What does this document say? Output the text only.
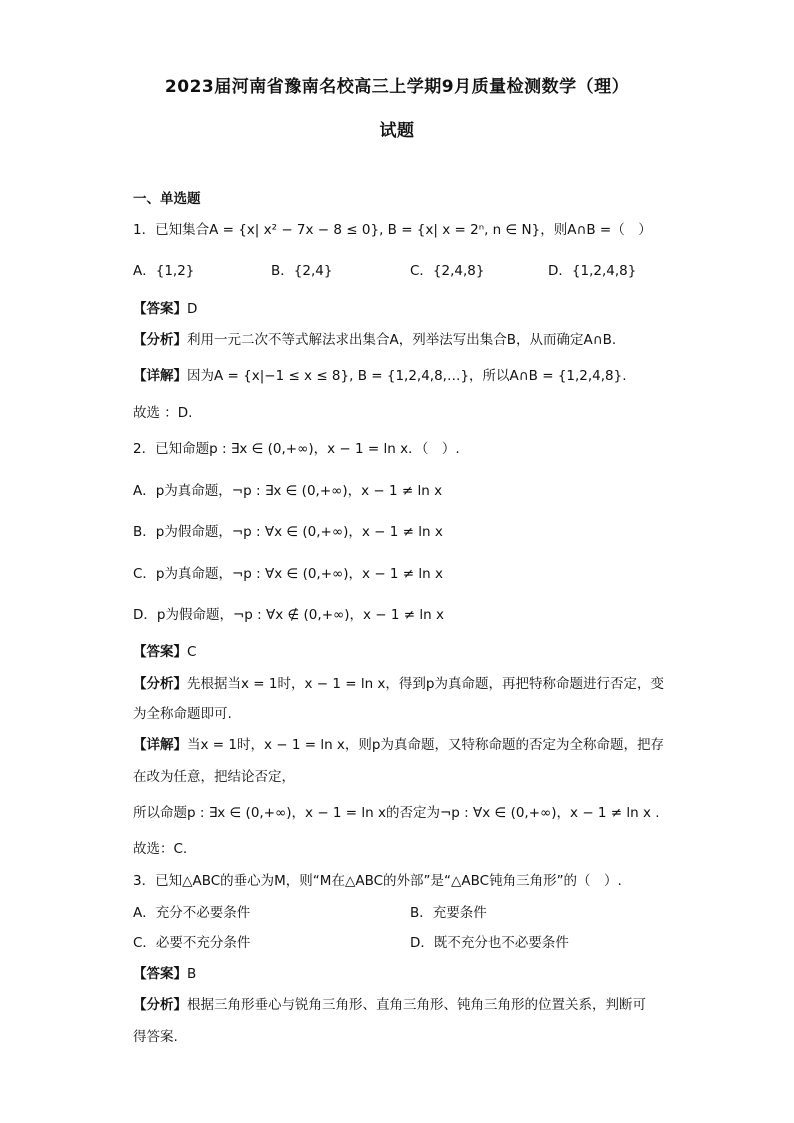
2023届河南省豫南名校高三上学期9月质量检测数学（理）
试题
一、单选题
1．已知集合A = {x| x² − 7x − 8 ≤ 0}, B = {x| x = 2ⁿ, n ∈ N}，则A∩B =（　）
A．{1,2}	B．{2,4}	C．{2,4,8}	D．{1,2,4,8}
【答案】D
【分析】利用一元二次不等式解法求出集合A，列举法写出集合B，从而确定A∩B.
【详解】因为A = {x|−1 ≤ x ≤ 8}, B = {1,2,4,8,…}，所以A∩B = {1,2,4,8}.
故选 ：D.
2．已知命题p : ∃x ∈ (0,+∞)，x − 1 = ln x．（　）.
A．p为真命题，¬p : ∃x ∈ (0,+∞)，x − 1 ≠ ln x
B．p为假命题，¬p : ∀x ∈ (0,+∞)，x − 1 ≠ ln x
C．p为真命题，¬p : ∀x ∈ (0,+∞)，x − 1 ≠ ln x
D．p为假命题，¬p : ∀x ∉ (0,+∞)，x − 1 ≠ ln x
【答案】C
【分析】先根据当x = 1时，x − 1 = ln x，得到p为真命题，再把特称命题进行否定，变
为全称命题即可.
【详解】当x = 1时，x − 1 = ln x，则p为真命题，又特称命题的否定为全称命题，把存
在改为任意，把结论否定，
所以命题p : ∃x ∈ (0,+∞)，x − 1 = ln x的否定为¬p : ∀x ∈ (0,+∞)，x − 1 ≠ ln x .
故选：C.
3．已知△ABC的垂心为M，则“M在△ABC的外部”是“△ABC钝角三角形”的（　）.
A．充分不必要条件	B．充要条件
C．必要不充分条件	D．既不充分也不必要条件
【答案】B
【分析】根据三角形垂心与锐角三角形、直角三角形、钝角三角形的位置关系，判断可
得答案.
